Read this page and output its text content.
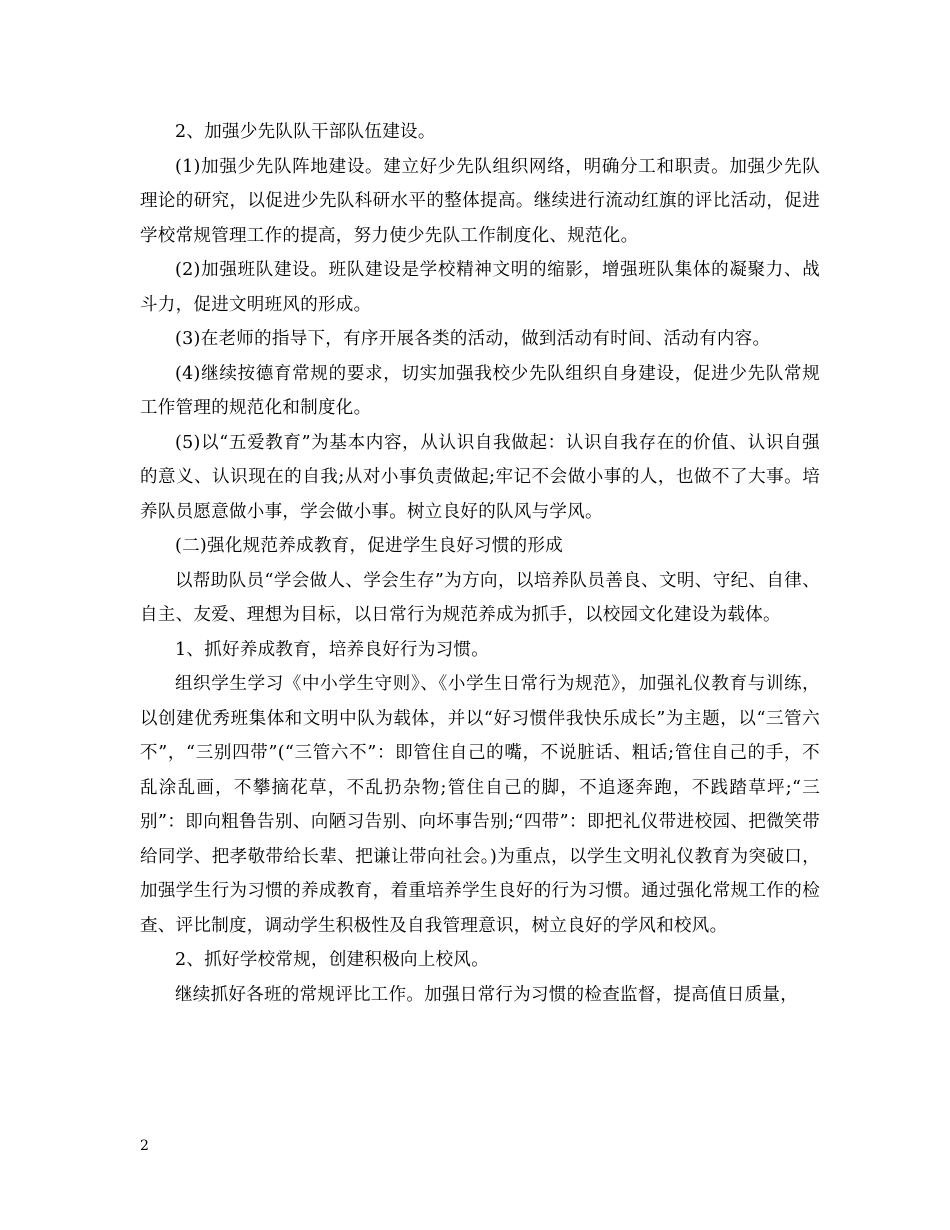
2、加强少先队队干部队伍建设。

(1)加强少先队阵地建设。建立好少先队组织网络，明确分工和职责。加强少先队理论的研究，以促进少先队科研水平的整体提高。继续进行流动红旗的评比活动，促进学校常规管理工作的提高，努力使少先队工作制度化、规范化。

(2)加强班队建设。班队建设是学校精神文明的缩影，增强班队集体的凝聚力、战斗力，促进文明班风的形成。

(3)在老师的指导下，有序开展各类的活动，做到活动有时间、活动有内容。

(4)继续按德育常规的要求，切实加强我校少先队组织自身建设，促进少先队常规工作管理的规范化和制度化。

(5)以“五爱教育”为基本内容，从认识自我做起：认识自我存在的价值、认识自强的意义、认识现在的自我;从对小事负责做起;牢记不会做小事的人，也做不了大事。培养队员愿意做小事，学会做小事。树立良好的队风与学风。

(二)强化规范养成教育，促进学生良好习惯的形成

以帮助队员“学会做人、学会生存”为方向，以培养队员善良、文明、守纪、自律、自主、友爱、理想为目标，以日常行为规范养成为抓手，以校园文化建设为载体。

1、抓好养成教育，培养良好行为习惯。

组织学生学习《中小学生守则》、《小学生日常行为规范》，加强礼仪教育与训练，以创建优秀班集体和文明中队为载体，并以“好习惯伴我快乐成长”为主题，以“三管六不”，“三别四带”(“三管六不”：即管住自己的嘴，不说脏话、粗话;管住自己的手，不乱涂乱画，不攀摘花草，不乱扔杂物;管住自己的脚，不追逐奔跑，不践踏草坪;“三别”：即向粗鲁告别、向陋习告别、向坏事告别;“四带”：即把礼仪带进校园、把微笑带给同学、把孝敬带给长辈、把谦让带向社会。)为重点，以学生文明礼仪教育为突破口，加强学生行为习惯的养成教育，着重培养学生良好的行为习惯。通过强化常规工作的检查、评比制度，调动学生积极性及自我管理意识，树立良好的学风和校风。

2、抓好学校常规，创建积极向上校风。

继续抓好各班的常规评比工作。加强日常行为习惯的检查监督，提高值日质量，

2
